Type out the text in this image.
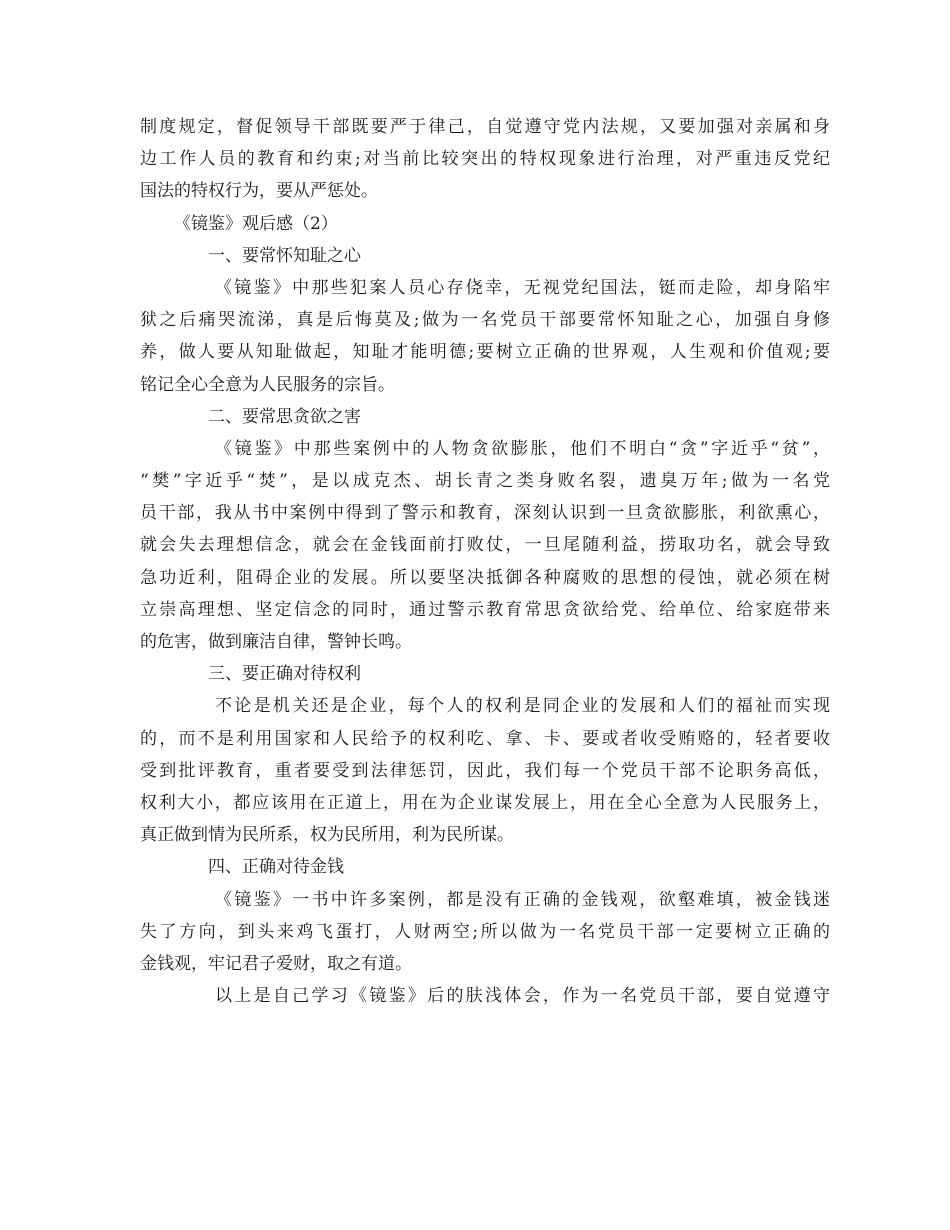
制度规定，督促领导干部既要严于律己，自觉遵守党内法规，又要加强对亲属和身
边工作人员的教育和约束;对当前比较突出的特权现象进行治理，对严重违反党纪
国法的特权行为，要从严惩处。
《镜鉴》观后感（2）
一、要常怀知耻之心
《镜鉴》中那些犯案人员心存侥幸，无视党纪国法，铤而走险，却身陷牢
狱之后痛哭流涕，真是后悔莫及;做为一名党员干部要常怀知耻之心，加强自身修
养，做人要从知耻做起，知耻才能明德;要树立正确的世界观，人生观和价值观;要
铭记全心全意为人民服务的宗旨。
二、要常思贪欲之害
《镜鉴》中那些案例中的人物贪欲膨胀，他们不明白“贪”字近乎“贫”，
“樊”字近乎“焚”，是以成克杰、胡长青之类身败名裂，遗臭万年;做为一名党
员干部，我从书中案例中得到了警示和教育，深刻认识到一旦贪欲膨胀，利欲熏心，
就会失去理想信念，就会在金钱面前打败仗，一旦尾随利益，捞取功名，就会导致
急功近利，阻碍企业的发展。所以要坚决抵御各种腐败的思想的侵蚀，就必须在树
立崇高理想、坚定信念的同时，通过警示教育常思贪欲给党、给单位、给家庭带来
的危害，做到廉洁自律，警钟长鸣。
三、要正确对待权利
不论是机关还是企业，每个人的权利是同企业的发展和人们的福祉而实现
的，而不是利用国家和人民给予的权利吃、拿、卡、要或者收受贿赂的，轻者要收
受到批评教育，重者要受到法律惩罚，因此，我们每一个党员干部不论职务高低，
权利大小，都应该用在正道上，用在为企业谋发展上，用在全心全意为人民服务上，
真正做到情为民所系，权为民所用，利为民所谋。
四、正确对待金钱
《镜鉴》一书中许多案例，都是没有正确的金钱观，欲壑难填，被金钱迷
失了方向，到头来鸡飞蛋打，人财两空;所以做为一名党员干部一定要树立正确的
金钱观，牢记君子爱财，取之有道。
以上是自己学习《镜鉴》后的肤浅体会，作为一名党员干部，要自觉遵守
